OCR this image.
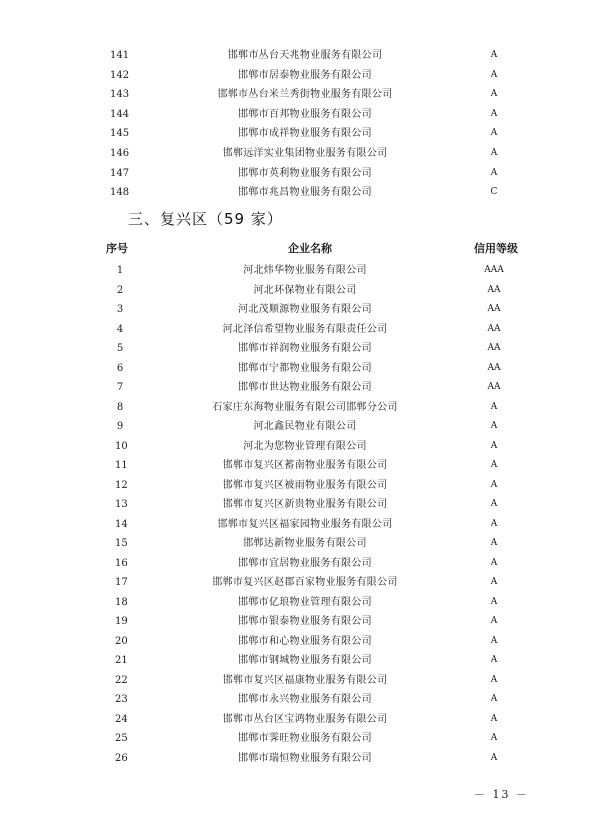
141	邯郸市丛台天兆物业服务有限公司	A
142	邯郸市居泰物业服务有限公司	A
143	邯郸市丛台米兰秀街物业服务有限公司	A
144	邯郸市百邦物业服务有限公司	A
145	邯郸市成祥物业服务有限公司	A
146	邯郸远洋实业集团物业服务有限公司	A
147	邯郸市英利物业服务有限公司	A
148	邯郸市兆昌物业服务有限公司	C
三、复兴区（59 家）
序号	企业名称	信用等级
1	河北炜华物业服务有限公司	AAA
2	河北环保物业有限公司	AA
3	河北茂顺源物业服务有限公司	AA
4	河北泽信希望物业服务有限责任公司	AA
5	邯郸市祥润物业服务有限公司	AA
6	邯郸市宁都物业服务有限公司	AA
7	邯郸市世达物业服务有限公司	AA
8	石家庄东海物业服务有限公司邯郸分公司	A
9	河北鑫民物业有限公司	A
10	河北为您物业管理有限公司	A
11	邯郸市复兴区蓄南物业服务有限公司	A
12	邯郸市复兴区被雨物业服务有限公司	A
13	邯郸市复兴区新贵物业服务有限公司	A
14	邯郸市复兴区福家园物业服务有限公司	A
15	邯郸达新物业服务有限公司	A
16	邯郸市宜居物业服务有限公司	A
17	邯郸市复兴区赵郡百家物业服务有限公司	A
18	邯郸市亿琅物业管理有限公司	A
19	邯郸市银泰物业服务有限公司	A
20	邯郸市和心物业服务有限公司	A
21	邯郸市钢城物业服务有限公司	A
22	邯郸市复兴区福康物业服务有限公司	A
23	邯郸市永兴物业服务有限公司	A
24	邯郸市丛台区宝鸿物业服务有限公司	A
25	邯郸市霁旺物业服务有限公司	A
26	邯郸市瑞恒物业服务有限公司	A
－ 13 －
